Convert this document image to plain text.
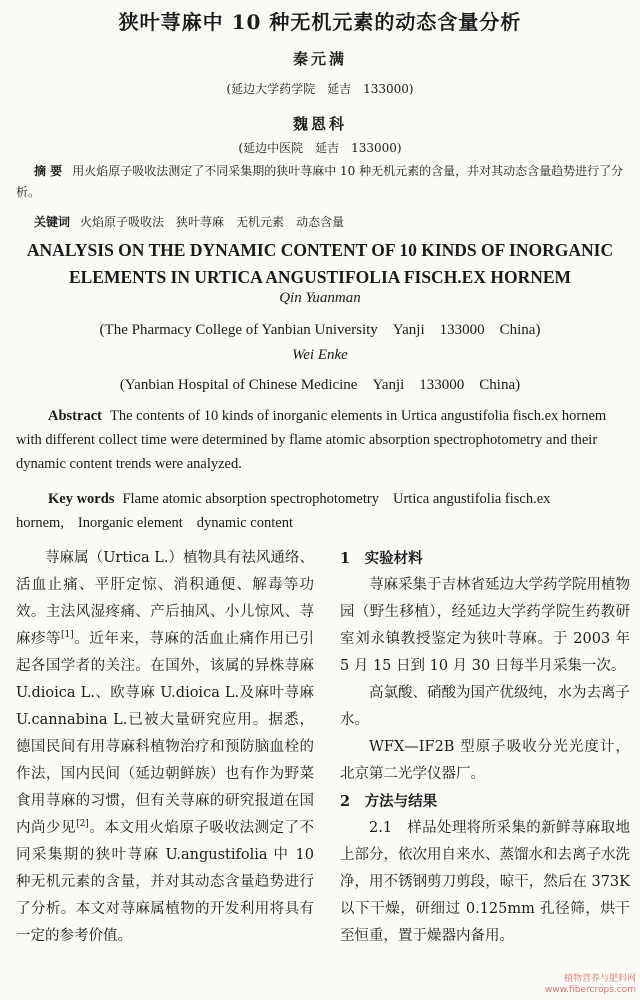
狭叶荨麻中 10 种无机元素的动态含量分析
秦元满
(延边大学药学院　延吉　133000)
魏恩科
(延边中医院　延吉　133000)
摘 要 用火焰原子吸收法测定了不同采集期的狭叶荨麻中 10 种无机元素的含量，并对其动态含量趋势进行了分析。
关键词 火焰原子吸收法 狭叶荨麻 无机元素 动态含量
ANALYSIS ON THE DYNAMIC CONTENT OF 10 KINDS OF INORGANIC
ELEMENTS IN URTICA ANGUSTIFOLIA FISCH.EX HORNEM
Qin Yuanman
(The Pharmacy College of Yanbian University　Yanji　133000　China)
Wei Enke
(Yanbian Hospital of Chinese Medicine　Yanji　133000　China)
Abstract The contents of 10 kinds of inorganic elements in Urtica angustifolia fisch.ex hornem with different collect time were determined by flame atomic absorption spectrophotometry and their dynamic content trends were analyzed.
Key words Flame atomic absorption spectrophotometry Urtica angustifolia fisch.ex hornem, Inorganic element dynamic content

荨麻属（Urtica L.）植物具有祛风通络、活血止痛、平肝定惊、消积通便、解毒等功效。主法风湿疼痛、产后抽风、小儿惊风、荨麻疹等[1]。近年来，荨麻的活血止痛作用已引起各国学者的关注。在国外，该属的异株荨麻 U.dioica L.、欧荨麻 U.dioica L.及麻叶荨麻 U.cannabina L.已被大量研究应用。据悉，德国民间有用荨麻科植物治疗和预防脑血栓的作法，国内民间（延边朝鲜族）也有作为野菜食用荨麻的习惯，但有关荨麻的研究报道在国内尚少见[2]。本文用火焰原子吸收法测定了不同采集期的狭叶荨麻 U.angustifolia 中 10 种无机元素的含量，并对其动态含量趋势进行了分析。本文对荨麻属植物的开发利用将具有一定的参考价值。

1　实验材料

荨麻采集于吉林省延边大学药学院用植物园（野生移植），经延边大学药学院生药教研室刘永镇教授鉴定为狭叶荨麻。于 2003 年 5 月 15 日到 10 月 30 日每半月采集一次。

高氯酸、硝酸为国产优级纯，水为去离子水。

WFX—IF2B 型原子吸收分光光度计，北京第二光学仪器厂。

2　方法与结果

2.1　样品处理将所采集的新鲜荨麻取地上部分，依次用自来水、蒸馏水和去离子水洗净，用不锈钢剪刀剪段，晾干，然后在 373K 以下干燥，研细过 0.125mm 孔径筛，烘干至恒重，置于燥器内备用。

植物营养与肥料网
www.fibercrops.com
